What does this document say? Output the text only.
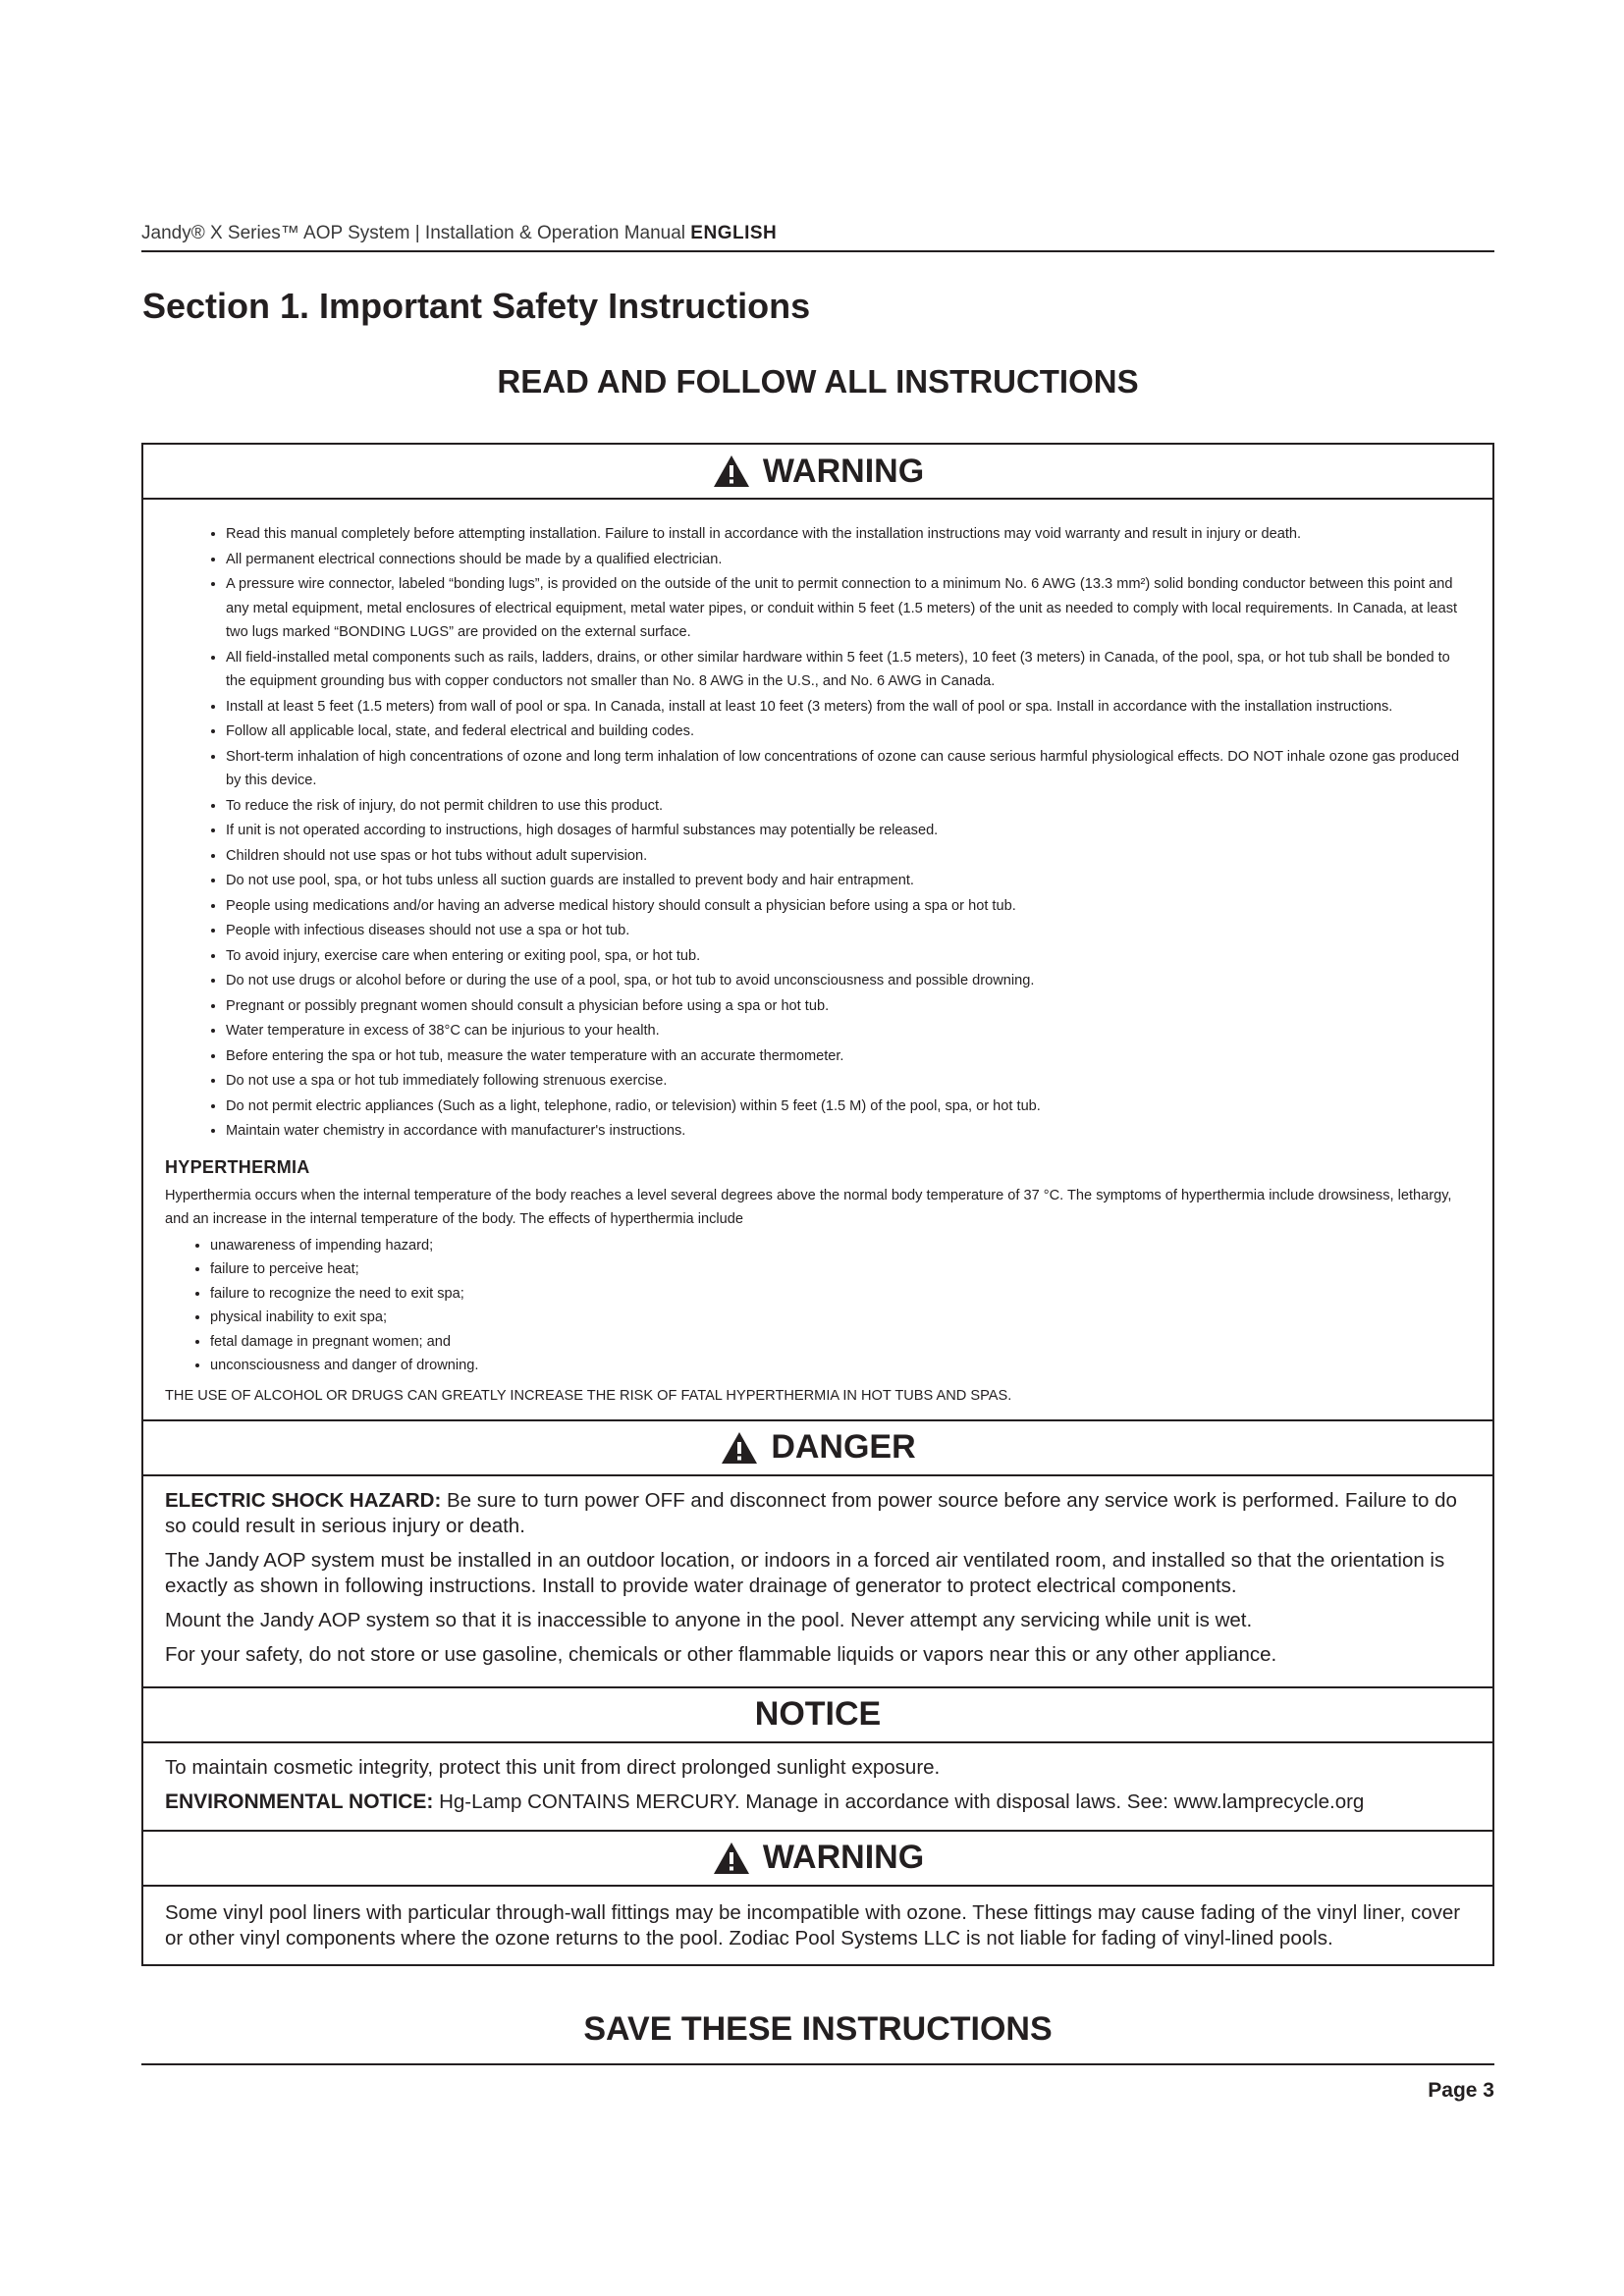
Jandy® X Series™ AOP System | Installation & Operation Manual ENGLISH
Section 1. Important Safety Instructions
READ AND FOLLOW ALL INSTRUCTIONS
WARNING
• Read this manual completely before attempting installation. Failure to install in accordance with the installation instructions may void warranty and result in injury or death.
• All permanent electrical connections should be made by a qualified electrician.
• A pressure wire connector, labeled “bonding lugs”, is provided on the outside of the unit to permit connection to a minimum No. 6 AWG (13.3 mm²) solid bonding conductor between this point and any metal equipment, metal enclosures of electrical equipment, metal water pipes, or conduit within 5 feet (1.5 meters) of the unit as needed to comply with local requirements. In Canada, at least two lugs marked “BONDING LUGS” are provided on the external surface.
• All field-installed metal components such as rails, ladders, drains, or other similar hardware within 5 feet (1.5 meters), 10 feet (3 meters) in Canada, of the pool, spa, or hot tub shall be bonded to the equipment grounding bus with copper conductors not smaller than No. 8 AWG in the U.S., and No. 6 AWG in Canada.
• Install at least 5 feet (1.5 meters) from wall of pool or spa. In Canada, install at least 10 feet (3 meters) from the wall of pool or spa. Install in accordance with the installation instructions.
• Follow all applicable local, state, and federal electrical and building codes.
• Short-term inhalation of high concentrations of ozone and long term inhalation of low concentrations of ozone can cause serious harmful physiological effects. DO NOT inhale ozone gas produced by this device.
• To reduce the risk of injury, do not permit children to use this product.
• If unit is not operated according to instructions, high dosages of harmful substances may potentially be released.
• Children should not use spas or hot tubs without adult supervision.
• Do not use pool, spa, or hot tubs unless all suction guards are installed to prevent body and hair entrapment.
• People using medications and/or having an adverse medical history should consult a physician before using a spa or hot tub.
• People with infectious diseases should not use a spa or hot tub.
• To avoid injury, exercise care when entering or exiting pool, spa, or hot tub.
• Do not use drugs or alcohol before or during the use of a pool, spa, or hot tub to avoid unconsciousness and possible drowning.
• Pregnant or possibly pregnant women should consult a physician before using a spa or hot tub.
• Water temperature in excess of 38°C can be injurious to your health.
• Before entering the spa or hot tub, measure the water temperature with an accurate thermometer.
• Do not use a spa or hot tub immediately following strenuous exercise.
• Do not permit electric appliances (Such as a light, telephone, radio, or television) within 5 feet (1.5 M) of the pool, spa, or hot tub.
• Maintain water chemistry in accordance with manufacturer's instructions.
HYPERTHERMIA

Hyperthermia occurs when the internal temperature of the body reaches a level several degrees above the normal body temperature of 37 °C. The symptoms of hyperthermia include drowsiness, lethargy, and an increase in the internal temperature of the body. The effects of hyperthermia include

• unawareness of impending hazard;
• failure to perceive heat;
• failure to recognize the need to exit spa;
• physical inability to exit spa;
• fetal damage in pregnant women; and
• unconsciousness and danger of drowning.

THE USE OF ALCOHOL OR DRUGS CAN GREATLY INCREASE THE RISK OF FATAL HYPERTHERMIA IN HOT TUBS AND SPAS.

DANGER

ELECTRIC SHOCK HAZARD: Be sure to turn power OFF and disconnect from power source before any service work is performed. Failure to do so could result in serious injury or death.

The Jandy AOP system must be installed in an outdoor location, or indoors in a forced air ventilated room, and installed so that the orientation is exactly as shown in following instructions. Install to provide water drainage of generator to protect electrical components.

Mount the Jandy AOP system so that it is inaccessible to anyone in the pool. Never attempt any servicing while unit is wet.

For your safety, do not store or use gasoline, chemicals or other flammable liquids or vapors near this or any other appliance.

NOTICE

To maintain cosmetic integrity, protect this unit from direct prolonged sunlight exposure.

ENVIRONMENTAL NOTICE: Hg-Lamp CONTAINS MERCURY. Manage in accordance with disposal laws. See: www.lamprecycle.org

WARNING

Some vinyl pool liners with particular through-wall fittings may be incompatible with ozone. These fittings may cause fading of the vinyl liner, cover or other vinyl components where the ozone returns to the pool. Zodiac Pool Systems LLC is not liable for fading of vinyl-lined pools.

SAVE THESE INSTRUCTIONS
Page 3
